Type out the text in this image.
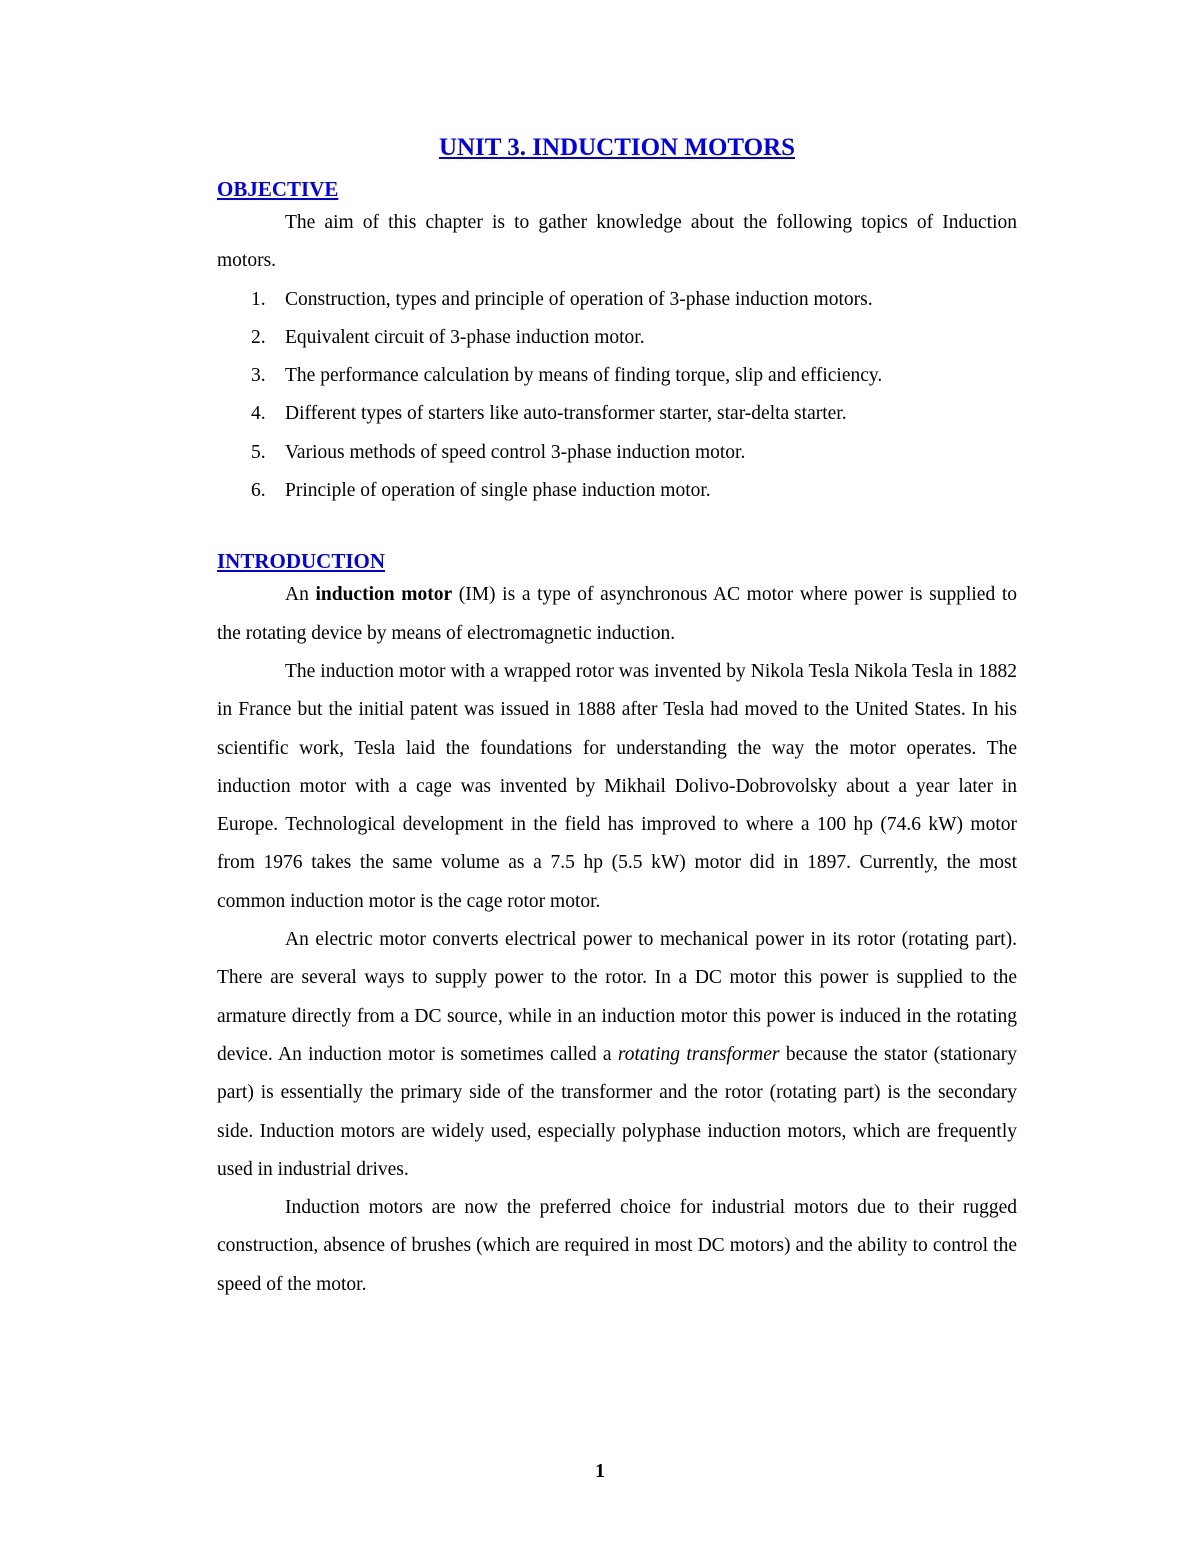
UNIT 3. INDUCTION MOTORS
OBJECTIVE

The aim of this chapter is to gather knowledge about the following topics of Induction motors.

1. Construction, types and principle of operation of 3-phase induction motors.
2. Equivalent circuit of 3-phase induction motor.
3. The performance calculation by means of finding torque, slip and efficiency.
4. Different types of starters like auto-transformer starter, star-delta starter.
5. Various methods of speed control 3-phase induction motor.
6. Principle of operation of single phase induction motor.
INTRODUCTION

An induction motor (IM) is a type of asynchronous AC motor where power is supplied to the rotating device by means of electromagnetic induction.

The induction motor with a wrapped rotor was invented by Nikola Tesla Nikola Tesla in 1882 in France but the initial patent was issued in 1888 after Tesla had moved to the United States. In his scientific work, Tesla laid the foundations for understanding the way the motor operates. The induction motor with a cage was invented by Mikhail Dolivo-Dobrovolsky about a year later in Europe. Technological development in the field has improved to where a 100 hp (74.6 kW) motor from 1976 takes the same volume as a 7.5 hp (5.5 kW) motor did in 1897. Currently, the most common induction motor is the cage rotor motor.

An electric motor converts electrical power to mechanical power in its rotor (rotating part). There are several ways to supply power to the rotor. In a DC motor this power is supplied to the armature directly from a DC source, while in an induction motor this power is induced in the rotating device. An induction motor is sometimes called a rotating transformer because the stator (stationary part) is essentially the primary side of the transformer and the rotor (rotating part) is the secondary side. Induction motors are widely used, especially polyphase induction motors, which are frequently used in industrial drives.

Induction motors are now the preferred choice for industrial motors due to their rugged construction, absence of brushes (which are required in most DC motors) and the ability to control the speed of the motor.

1
